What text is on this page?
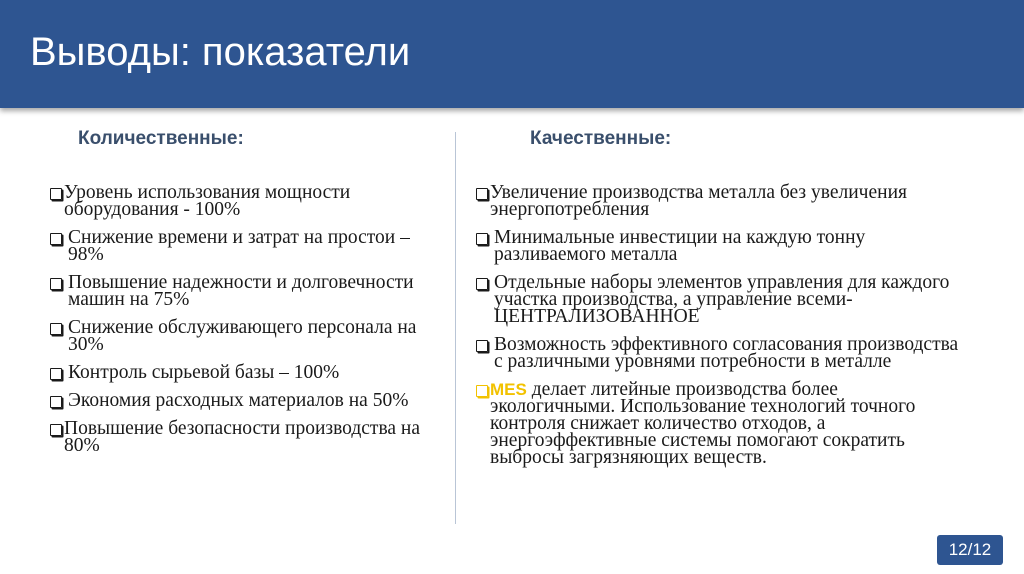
Выводы: показатели
Количественные:	Качественные:
Уровень использования мощности оборудования - 100%
Снижение времени и затрат на простои – 98%
Повышение надежности и долговечности машин на 75%
Снижение обслуживающего персонала на 30%
Контроль сырьевой базы – 100%
Экономия расходных материалов на 50%
Повышение безопасности производства на 80%
Увеличение производства металла без увеличения энергопотребления
Минимальные инвестиции на каждую тонну разливаемого металла
Отдельные наборы элементов управления для каждого участка производства, а управление всеми- ЦЕНТРАЛИЗОВАННОЕ
Возможность эффективного согласования производства с различными уровнями потребности в металле
MES делает литейные производства более экологичными. Использование технологий точного контроля снижает количество отходов, а энергоэффективные системы помогают сократить выбросы загрязняющих веществ.
12/12
